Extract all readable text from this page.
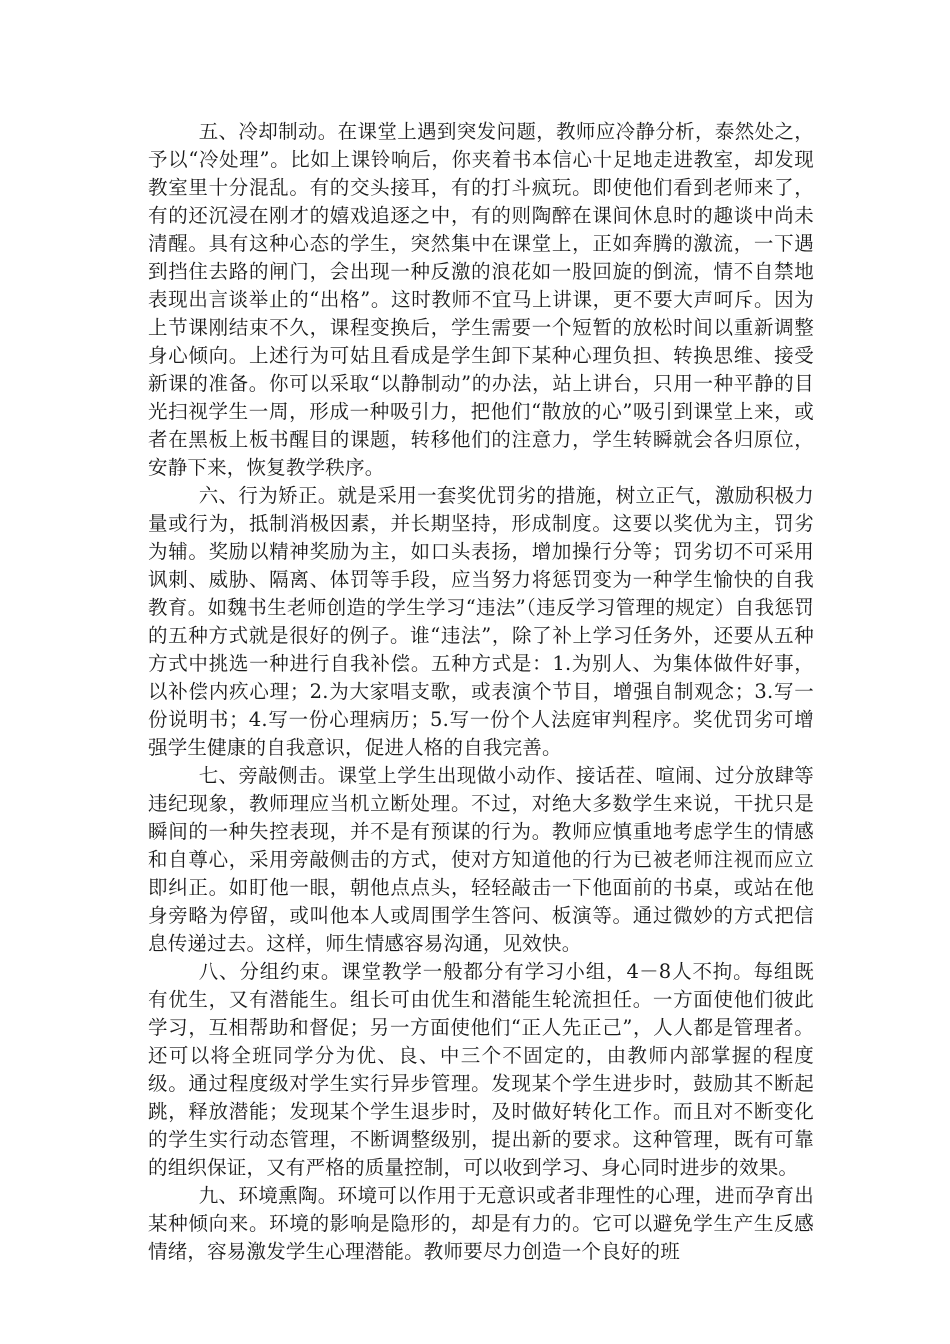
五、冷却制动。在课堂上遇到突发问题，教师应冷静分析，泰然处之，予以“冷处理”。比如上课铃响后，你夹着书本信心十足地走进教室，却发现教室里十分混乱。有的交头接耳，有的打斗疯玩。即使他们看到老师来了，有的还沉浸在刚才的嬉戏追逐之中，有的则陶醉在课间休息时的趣谈中尚未清醒。具有这种心态的学生，突然集中在课堂上，正如奔腾的激流，一下遇到挡住去路的闸门，会出现一种反激的浪花如一股回旋的倒流，情不自禁地表现出言谈举止的“出格”。这时教师不宜马上讲课，更不要大声呵斥。因为上节课刚结束不久，课程变换后，学生需要一个短暂的放松时间以重新调整身心倾向。上述行为可姑且看成是学生卸下某种心理负担、转换思维、接受新课的准备。你可以采取“以静制动”的办法，站上讲台，只用一种平静的目光扫视学生一周，形成一种吸引力，把他们“散放的心”吸引到课堂上来，或者在黑板上板书醒目的课题，转移他们的注意力，学生转瞬就会各归原位，安静下来，恢复教学秩序。

六、行为矫正。就是采用一套奖优罚劣的措施，树立正气，激励积极力量或行为，抵制消极因素，并长期坚持，形成制度。这要以奖优为主，罚劣为辅。奖励以精神奖励为主，如口头表扬，增加操行分等；罚劣切不可采用讽刺、威胁、隔离、体罚等手段，应当努力将惩罚变为一种学生愉快的自我教育。如魏书生老师创造的学生学习“违法”（违反学习管理的规定）自我惩罚的五种方式就是很好的例子。谁“违法”，除了补上学习任务外，还要从五种方式中挑选一种进行自我补偿。五种方式是：1.为别人、为集体做件好事，以补偿内疚心理；2.为大家唱支歌，或表演个节目，增强自制观念；3.写一份说明书；4.写一份心理病历；5.写一份个人法庭审判程序。奖优罚劣可增强学生健康的自我意识，促进人格的自我完善。

七、旁敲侧击。课堂上学生出现做小动作、接话茬、喧闹、过分放肆等违纪现象，教师理应当机立断处理。不过，对绝大多数学生来说，干扰只是瞬间的一种失控表现，并不是有预谋的行为。教师应慎重地考虑学生的情感和自尊心，采用旁敲侧击的方式，使对方知道他的行为已被老师注视而应立即纠正。如盯他一眼，朝他点点头，轻轻敲击一下他面前的书桌，或站在他身旁略为停留，或叫他本人或周围学生答问、板演等。通过微妙的方式把信息传递过去。这样，师生情感容易沟通，见效快。

八、分组约束。课堂教学一般都分有学习小组，4－8人不拘。每组既有优生，又有潜能生。组长可由优生和潜能生轮流担任。一方面使他们彼此学习，互相帮助和督促；另一方面使他们“正人先正己”，人人都是管理者。还可以将全班同学分为优、良、中三个不固定的，由教师内部掌握的程度级。通过程度级对学生实行异步管理。发现某个学生进步时，鼓励其不断起跳，释放潜能；发现某个学生退步时，及时做好转化工作。而且对不断变化的学生实行动态管理，不断调整级别，提出新的要求。这种管理，既有可靠的组织保证，又有严格的质量控制，可以收到学习、身心同时进步的效果。

九、环境熏陶。环境可以作用于无意识或者非理性的心理，进而孕育出某种倾向来。环境的影响是隐形的，却是有力的。它可以避免学生产生反感情绪，容易激发学生心理潜能。教师要尽力创造一个良好的班
